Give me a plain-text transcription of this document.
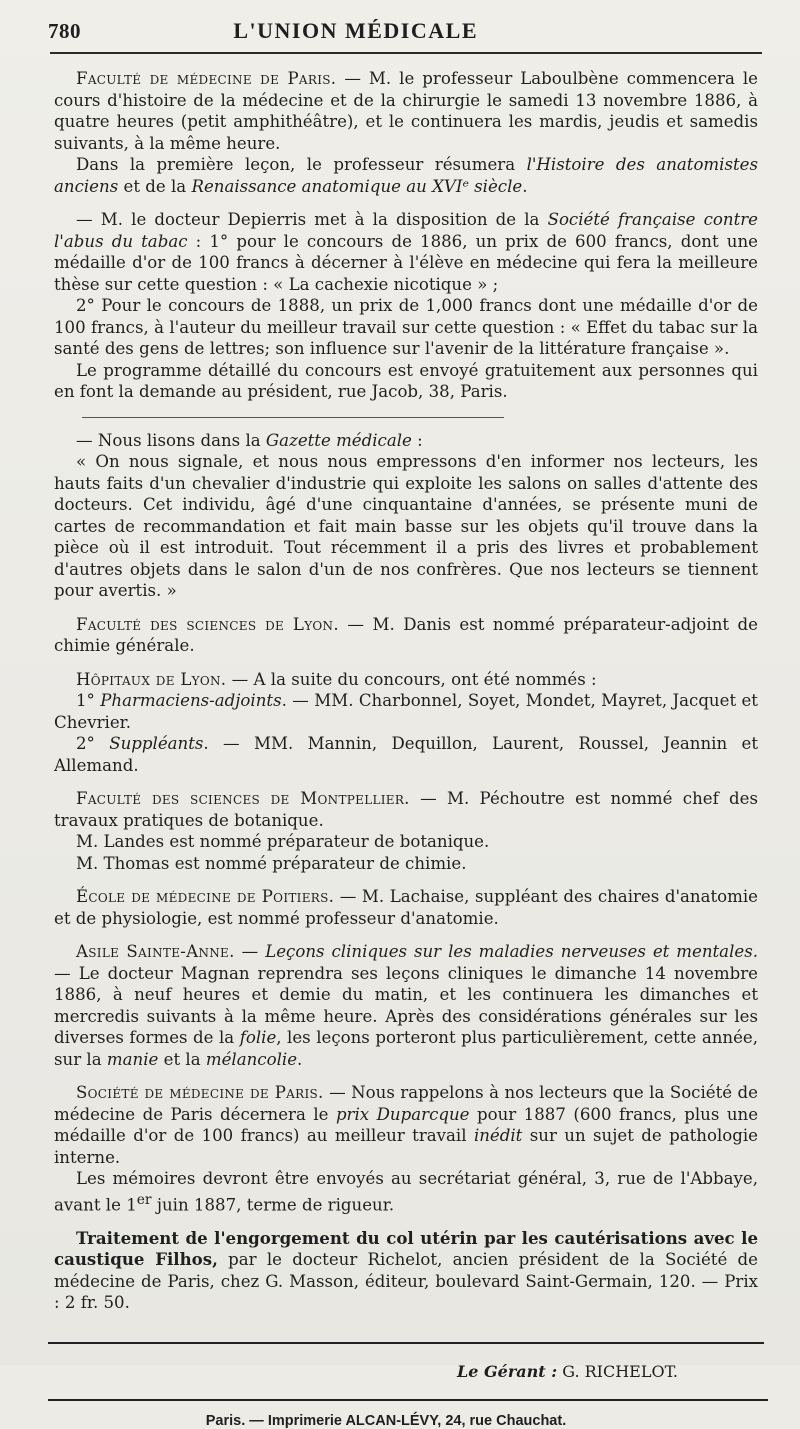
780	L'UNION MÉDICALE

Faculté de médecine de Paris. — M. le professeur Laboulbène commencera le cours d'histoire de la médecine et de la chirurgie le samedi 13 novembre 1886, à quatre heures (petit amphithéâtre), et le continuera les mardis, jeudis et samedis suivants, à la même heure.

Dans la première leçon, le professeur résumera l'Histoire des anatomistes anciens et de la Renaissance anatomique au XVIᵉ siècle.

— M. le docteur Depierris met à la disposition de la Société française contre l'abus du tabac : 1° pour le concours de 1886, un prix de 600 francs, dont une médaille d'or de 100 francs à décerner à l'élève en médecine qui fera la meilleure thèse sur cette question : « La cachexie nicotique » ;

2° Pour le concours de 1888, un prix de 1,000 francs dont une médaille d'or de 100 francs, à l'auteur du meilleur travail sur cette question : « Effet du tabac sur la santé des gens de lettres; son influence sur l'avenir de la littérature française ».

Le programme détaillé du concours est envoyé gratuitement aux personnes qui en font la demande au président, rue Jacob, 38, Paris.

— Nous lisons dans la Gazette médicale :

« On nous signale, et nous nous empressons d'en informer nos lecteurs, les hauts faits d'un chevalier d'industrie qui exploite les salons on salles d'attente des docteurs. Cet individu, âgé d'une cinquantaine d'années, se présente muni de cartes de recommandation et fait main basse sur les objets qu'il trouve dans la pièce où il est introduit. Tout récemment il a pris des livres et probablement d'autres objets dans le salon d'un de nos confrères. Que nos lecteurs se tiennent pour avertis. »

Faculté des sciences de Lyon. — M. Danis est nommé préparateur-adjoint de chimie générale.

Hôpitaux de Lyon. — A la suite du concours, ont été nommés :

1° Pharmaciens-adjoints. — MM. Charbonnel, Soyet, Mondet, Mayret, Jacquet et Chevrier.

2° Suppléants. — MM. Mannin, Dequillon, Laurent, Roussel, Jeannin et Allemand.

Faculté des sciences de Montpellier. — M. Péchoutre est nommé chef des travaux pratiques de botanique.

M. Landes est nommé préparateur de botanique.

M. Thomas est nommé préparateur de chimie.

École de médecine de Poitiers. — M. Lachaise, suppléant des chaires d'anatomie et de physiologie, est nommé professeur d'anatomie.

Asile Sainte-Anne. — Leçons cliniques sur les maladies nerveuses et mentales. — Le docteur Magnan reprendra ses leçons cliniques le dimanche 14 novembre 1886, à neuf heures et demie du matin, et les continuera les dimanches et mercredis suivants à la même heure. Après des considérations générales sur les diverses formes de la folie, les leçons porteront plus particulièrement, cette année, sur la manie et la mélancolie.

Société de médecine de Paris. — Nous rappelons à nos lecteurs que la Société de médecine de Paris décernera le prix Duparcque pour 1887 (600 francs, plus une médaille d'or de 100 francs) au meilleur travail inédit sur un sujet de pathologie interne.

Les mémoires devront être envoyés au secrétariat général, 3, rue de l'Abbaye, avant le 1er juin 1887, terme de rigueur.

Traitement de l'engorgement du col utérin par les cautérisations avec le caustique Filhos, par le docteur Richelot, ancien président de la Société de médecine de Paris, chez G. Masson, éditeur, boulevard Saint-Germain, 120. — Prix : 2 fr. 50.

Le Gérant : G. RICHELOT.
Paris. — Imprimerie ALCAN-LÉVY, 24, rue Chauchat.
